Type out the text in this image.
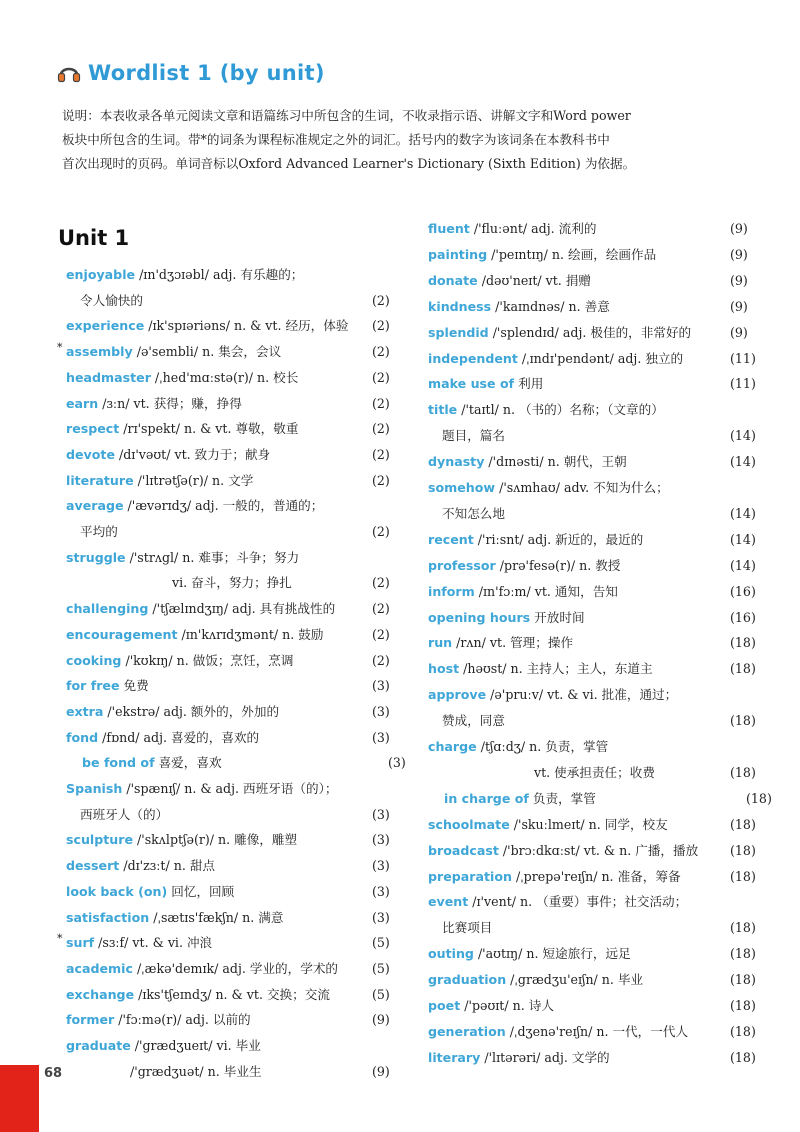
Wordlist 1 (by unit)
说明：本表收录各单元阅读文章和语篇练习中所包含的生词，不收录指示语、讲解文字和Word power
板块中所包含的生词。带*的词条为课程标准规定之外的词汇。括号内的数字为该词条在本教科书中
首次出现时的页码。单词音标以Oxford Advanced Learner's Dictionary (Sixth Edition) 为依据。
Unit 1
enjoyable /ɪn'dʒɔɪəbl/ adj. 有乐趣的；
令人愉快的	(2)
experience /ɪk'spɪəriəns/ n. & vt. 经历，体验 (2)
* assembly /ə'sembli/ n. 集会，会议	(2)
headmaster /ˌhed'mɑːstə(r)/ n. 校长	(2)
earn /ɜːn/ vt. 获得；赚，挣得	(2)
respect /rɪ'spekt/ n. & vt. 尊敬，敬重	(2)
devote /dɪ'vəʊt/ vt. 致力于；献身	(2)
literature /'lɪtrətʃə(r)/ n. 文学	(2)
average /'ævərɪdʒ/ adj. 一般的，普通的；
平均的	(2)
struggle /'strʌgl/ n. 难事；斗争；努力
vi. 奋斗，努力；挣扎	(2)
challenging /'tʃælɪndʒɪŋ/ adj. 具有挑战性的	(2)
encouragement /ɪn'kʌrɪdʒmənt/ n. 鼓励	(2)
cooking /'kʊkɪŋ/ n. 做饭；烹饪，烹调	(2)
for free 免费	(3)
extra /'ekstrə/ adj. 额外的，外加的	(3)
fond /fɒnd/ adj. 喜爱的，喜欢的	(3)
be fond of 喜爱，喜欢	(3)
Spanish /'spænɪʃ/ n. & adj. 西班牙语（的）；
西班牙人（的）	(3)
sculpture /'skʌlptʃə(r)/ n. 雕像，雕塑	(3)
dessert /dɪ'zɜːt/ n. 甜点	(3)
look back (on) 回忆，回顾	(3)
satisfaction /ˌsætɪs'fækʃn/ n. 满意	(3)
* surf /sɜːf/ vt. & vi. 冲浪	(5)
academic /ˌækə'demɪk/ adj. 学业的，学术的	(5)
exchange /ɪks'tʃeɪndʒ/ n. & vt. 交换；交流	(5)
former /'fɔːmə(r)/ adj. 以前的	(9)
graduate /'grædʒueɪt/ vi. 毕业
/'grædʒuət/ n. 毕业生	(9)
fluent /'fluːənt/ adj. 流利的	(9)
painting /'peɪntɪŋ/ n. 绘画，绘画作品	(9)
donate /dəʊ'neɪt/ vt. 捐赠	(9)
kindness /'kaɪndnəs/ n. 善意	(9)
splendid /'splendɪd/ adj. 极佳的，非常好的	(9)
independent /ˌɪndɪ'pendənt/ adj. 独立的	(11)
make use of 利用	(11)
title /'taɪtl/ n. （书的）名称；（文章的）
题目，篇名	(14)
dynasty /'dɪnəsti/ n. 朝代，王朝	(14)
somehow /'sʌmhaʊ/ adv. 不知为什么；
不知怎么地	(14)
recent /'riːsnt/ adj. 新近的，最近的	(14)
professor /prə'fesə(r)/ n. 教授	(14)
inform /ɪn'fɔːm/ vt. 通知，告知	(16)
opening hours 开放时间	(16)
run /rʌn/ vt. 管理；操作	(18)
host /həʊst/ n. 主持人；主人，东道主	(18)
approve /ə'pruːv/ vt. & vi. 批准，通过；
赞成，同意	(18)
charge /tʃɑːdʒ/ n. 负责，掌管
vt. 使承担责任；收费	(18)
in charge of 负责，掌管	(18)
schoolmate /'skuːlmeɪt/ n. 同学，校友	(18)
broadcast /'brɔːdkɑːst/ vt. & n. 广播，播放	(18)
preparation /ˌprepə'reɪʃn/ n. 准备，筹备	(18)
event /ɪ'vent/ n. （重要）事件；社交活动；
比赛项目	(18)
outing /'aʊtɪŋ/ n. 短途旅行，远足	(18)
graduation /ˌgrædʒu'eɪʃn/ n. 毕业	(18)
poet /'pəʊɪt/ n. 诗人	(18)
generation /ˌdʒenə'reɪʃn/ n. 一代，一代人	(18)
literary /'lɪtərəri/ adj. 文学的	(18)
68
